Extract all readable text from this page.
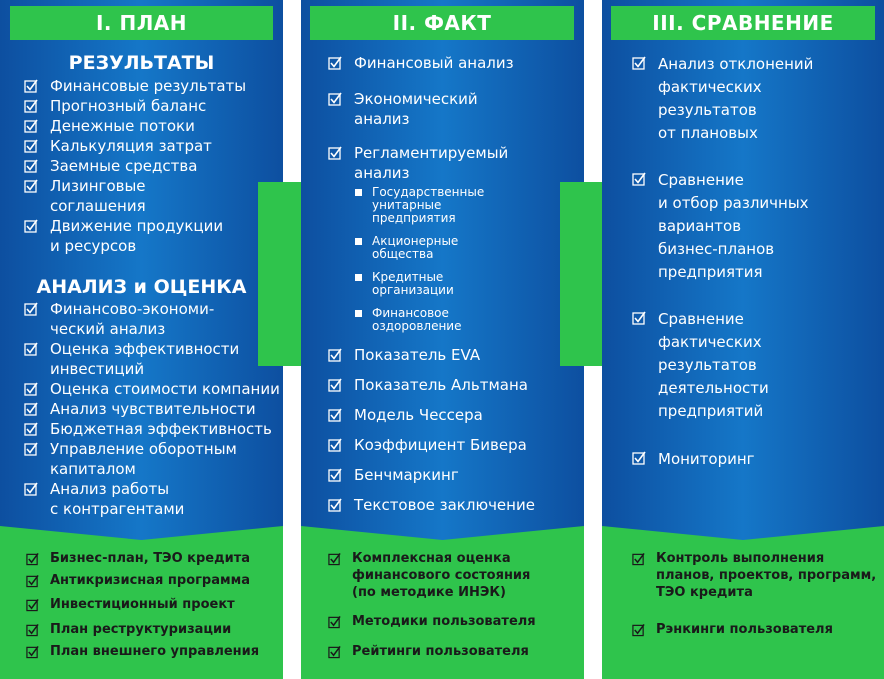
I. ПЛАН
РЕЗУЛЬТАТЫ
Финансовые результаты
Прогнозный баланс
Денежные потоки
Калькуляция затрат
Заемные средства
Лизинговые
соглашения
Движение продукции
и ресурсов
АНАЛИЗ и ОЦЕНКА
Финансово-экономи-
ческий анализ
Оценка эффективности
инвестиций
Оценка стоимости компании
Анализ чувствительности
Бюджетная эффективность
Управление оборотным
капиталом
Анализ работы
с контрагентами
Бизнес-план, ТЭО кредита
Антикризисная программа
Инвестиционный проект
План реструктуризации
План внешнего управления
II. ФАКТ
Финансовый анализ
Экономический
анализ
Регламентируемый
анализ
Показатель EVA
Показатель Альтмана
Модель Чессера
Коэффициент Бивера
Бенчмаркинг
Текстовое заключение
Государственные
унитарные
предприятия
Акционерные
общества
Кредитные
организации
Финансовое
оздоровление
Комплексная оценка
финансового состояния
(по методике ИНЭК)
Методики пользователя
Рейтинги пользователя
III. СРАВНЕНИЕ
Анализ отклонений
фактических
результатов
от плановых
Сравнение
и отбор различных
вариантов
бизнес-планов
предприятия
Сравнение
фактических
результатов
деятельности
предприятий
Мониторинг
Контроль выполнения
планов, проектов, программ,
ТЭО кредита
Рэнкинги пользователя
